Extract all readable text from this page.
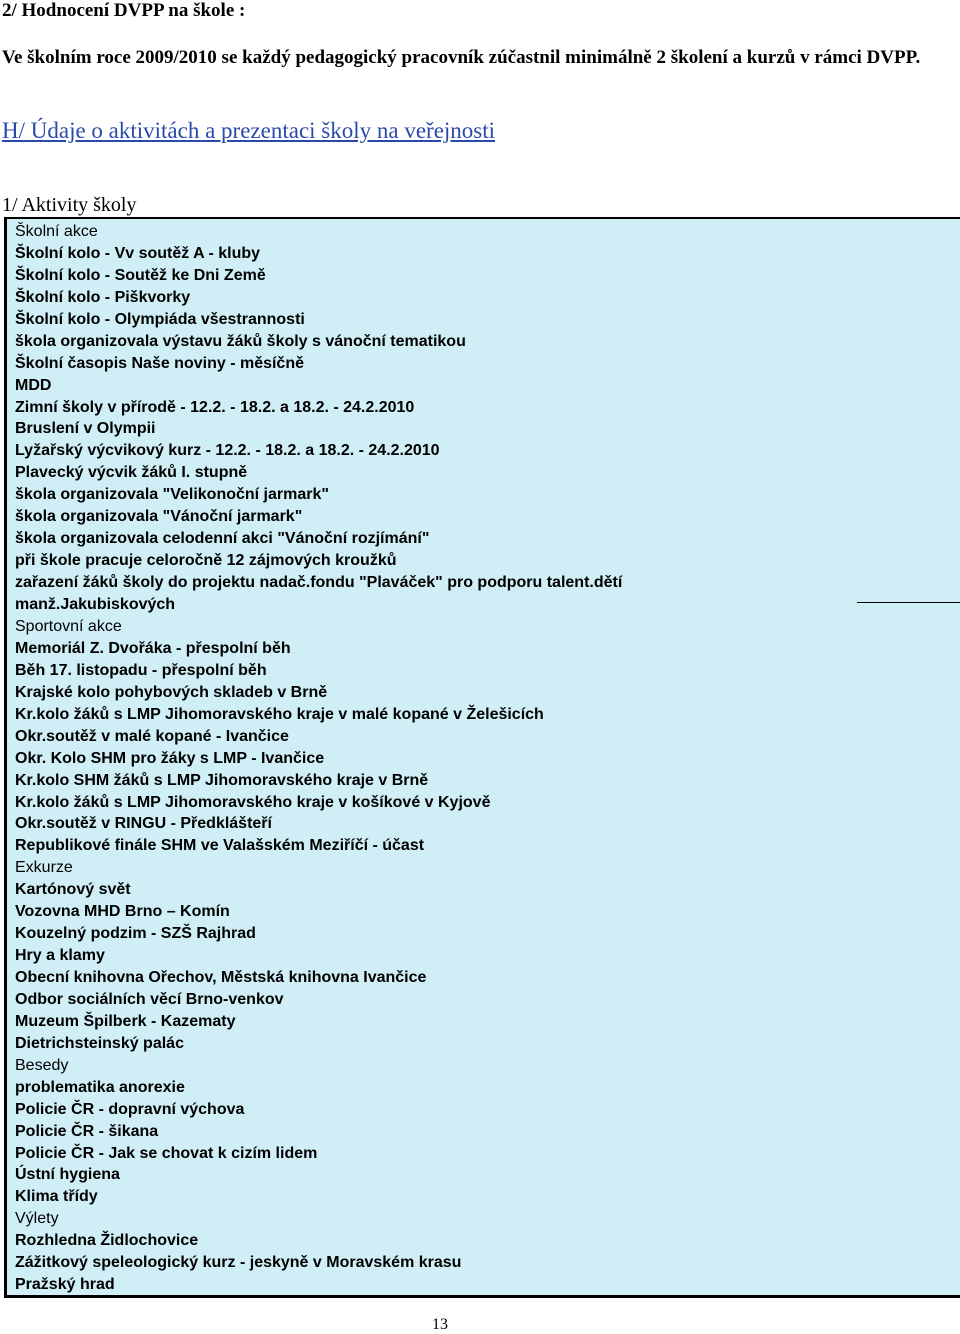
2/ Hodnocení DVPP na škole :
Ve školním roce 2009/2010 se každý pedagogický pracovník zúčastnil minimálně 2 školení a kurzů v rámci DVPP.
H/ Údaje o aktivitách a prezentaci školy na veřejnosti
1/ Aktivity školy
Školní akce
Školní kolo - Vv soutěž A - kluby
Školní kolo - Soutěž ke Dni Země
Školní kolo - Piškvorky
Školní kolo - Olympiáda všestrannosti
škola organizovala výstavu žáků školy s vánoční tematikou
Školní časopis Naše noviny - měsíčně
MDD
Zimní školy v přírodě - 12.2. - 18.2. a 18.2. - 24.2.2010
Bruslení v Olympii
Lyžařský výcvikový kurz - 12.2. - 18.2. a 18.2. - 24.2.2010
Plavecký výcvik žáků I. stupně
škola organizovala "Velikonoční jarmark"
škola organizovala "Vánoční jarmark"
škola organizovala celodenní akci "Vánoční rozjímání"
při škole pracuje celoročně 12 zájmových kroužků
zařazení žáků školy do projektu nadač.fondu "Plaváček" pro podporu talent.dětí manž.Jakubiskových
Sportovní akce
Memoriál Z. Dvořáka - přespolní běh
Běh 17. listopadu - přespolní běh
Krajské kolo pohybových skladeb v Brně
Kr.kolo žáků s LMP Jihomoravského kraje v malé kopané v Želešicích
Okr.soutěž v malé kopané - Ivančice
Okr. Kolo SHM pro žáky s LMP - Ivančice
Kr.kolo SHM žáků s LMP Jihomoravského kraje v Brně
Kr.kolo žáků s LMP Jihomoravského kraje v košíkové v Kyjově
Okr.soutěž v RINGU - Předklášteří
Republikové finále SHM ve Valašském Meziříčí - účast
Exkurze
Kartónový svět
Vozovna MHD Brno – Komín
Kouzelný podzim - SZŠ Rajhrad
Hry a klamy
Obecní knihovna Ořechov, Městská knihovna Ivančice
Odbor sociálních věcí Brno-venkov
Muzeum Špilberk - Kazematy
Dietrichsteinský palác
Besedy
problematika anorexie
Policie ČR - dopravní výchova
Policie ČR - šikana
Policie ČR - Jak se chovat k cizím lidem
Ústní hygiena
Klima třídy
Výlety
Rozhledna Židlochovice
Zážitkový speleologický kurz - jeskyně v Moravském krasu
Pražský hrad
13
